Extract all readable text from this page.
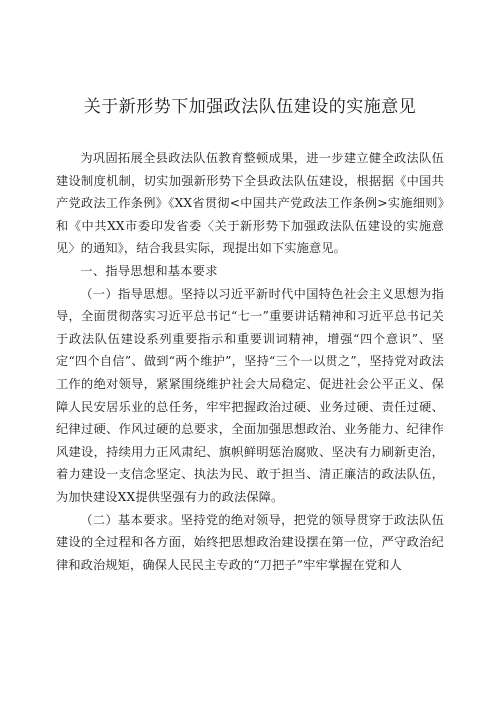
关于新形势下加强政法队伍建设的实施意见

为巩固拓展全县政法队伍教育整顿成果，进一步建立健全政法队伍建设制度机制，切实加强新形势下全县政法队伍建设，根据据《中国共产党政法工作条例》《XX省贯彻<中国共产党政法工作条例>实施细则》和《中共XX市委印发省委〈关于新形势下加强政法队伍建设的实施意见〉的通知》，结合我县实际，现提出如下实施意见。

一、指导思想和基本要求

（一）指导思想。坚持以习近平新时代中国特色社会主义思想为指导，全面贯彻落实习近平总书记“七一”重要讲话精神和习近平总书记关于政法队伍建设系列重要指示和重要训词精神，增强“四个意识”、坚定“四个自信”、做到“两个维护”，坚持“三个一以贯之”，坚持党对政法工作的绝对领导，紧紧围绕维护社会大局稳定、促进社会公平正义、保障人民安居乐业的总任务，牢牢把握政治过硬、业务过硬、责任过硬、纪律过硬、作风过硬的总要求，全面加强思想政治、业务能力、纪律作风建设，持续用力正风肃纪、旗帜鲜明惩治腐败、坚决有力刷新吏治，着力建设一支信念坚定、执法为民、敢于担当、清正廉洁的政法队伍，为加快建设XX提供坚强有力的政法保障。

（二）基本要求。坚持党的绝对领导，把党的领导贯穿于政法队伍建设的全过程和各方面，始终把思想政治建设摆在第一位，严守政治纪律和政治规矩，确保人民民主专政的“刀把子”牢牢掌握在党和人
